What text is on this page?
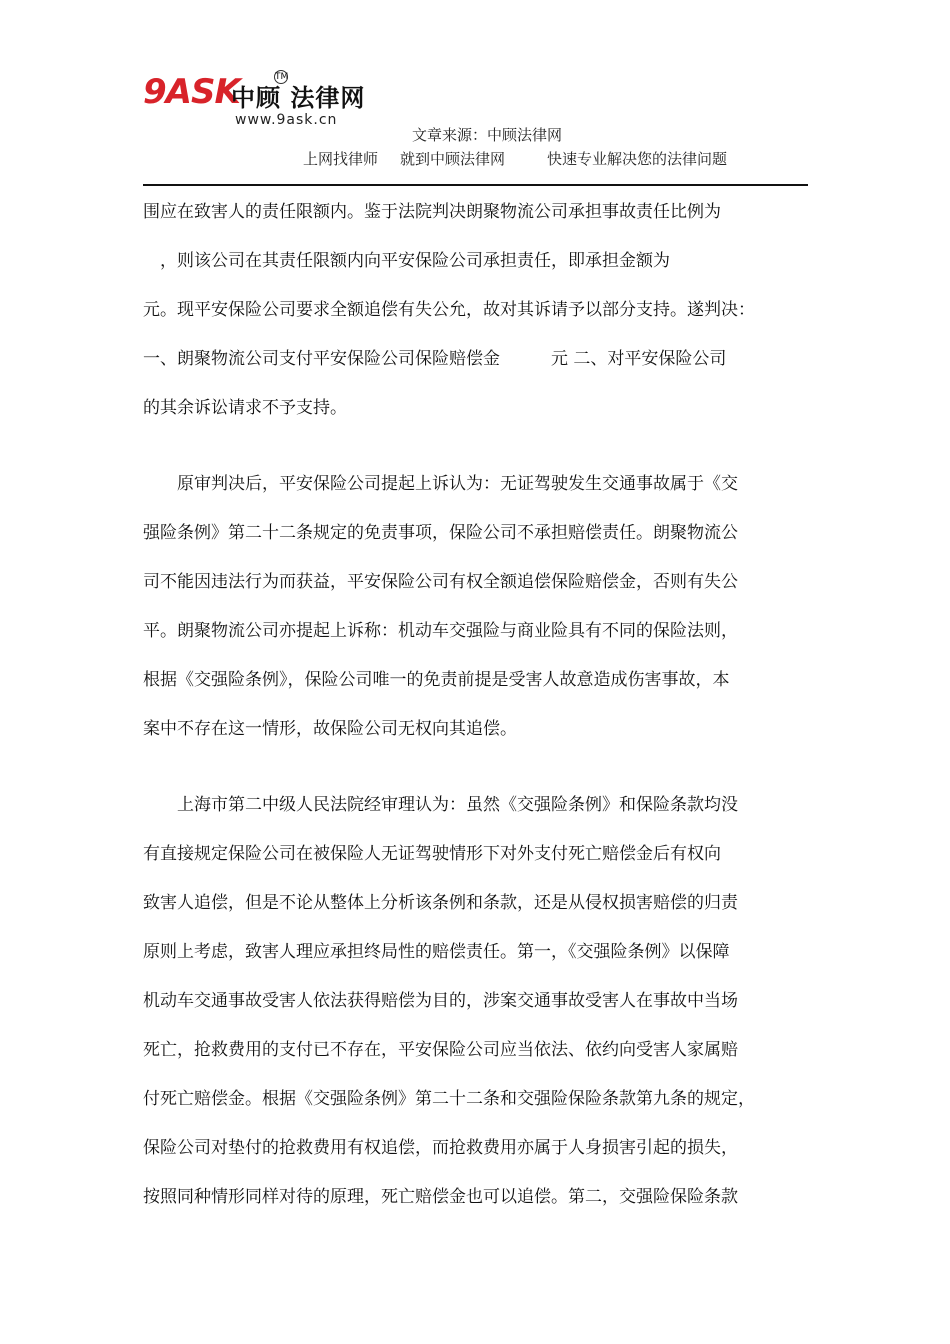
9ASK
中顾 法律网
TM
www.9ask.cn
文章来源：中顾法律网
上网找律师 就到中顾法律网	快速专业解决您的法律问题
围应在致害人的责任限额内。鉴于法院判决朗聚物流公司承担事故责任比例为
　，则该公司在其责任限额内向平安保险公司承担责任，即承担金额为
元。现平安保险公司要求全额追偿有失公允，故对其诉请予以部分支持。遂判决：
一、朗聚物流公司支付平安保险公司保险赔偿金　　　元 二、对平安保险公司
的其余诉讼请求不予支持。
　　原审判决后，平安保险公司提起上诉认为：无证驾驶发生交通事故属于《交
强险条例》第二十二条规定的免责事项，保险公司不承担赔偿责任。朗聚物流公
司不能因违法行为而获益，平安保险公司有权全额追偿保险赔偿金，否则有失公
平。朗聚物流公司亦提起上诉称：机动车交强险与商业险具有不同的保险法则，
根据《交强险条例》，保险公司唯一的免责前提是受害人故意造成伤害事故，本
案中不存在这一情形，故保险公司无权向其追偿。
　　上海市第二中级人民法院经审理认为：虽然《交强险条例》和保险条款均没
有直接规定保险公司在被保险人无证驾驶情形下对外支付死亡赔偿金后有权向
致害人追偿，但是不论从整体上分析该条例和条款，还是从侵权损害赔偿的归责
原则上考虑，致害人理应承担终局性的赔偿责任。第一，《交强险条例》以保障
机动车交通事故受害人依法获得赔偿为目的，涉案交通事故受害人在事故中当场
死亡，抢救费用的支付已不存在，平安保险公司应当依法、依约向受害人家属赔
付死亡赔偿金。根据《交强险条例》第二十二条和交强险保险条款第九条的规定，
保险公司对垫付的抢救费用有权追偿，而抢救费用亦属于人身损害引起的损失，
按照同种情形同样对待的原理，死亡赔偿金也可以追偿。第二，交强险保险条款
